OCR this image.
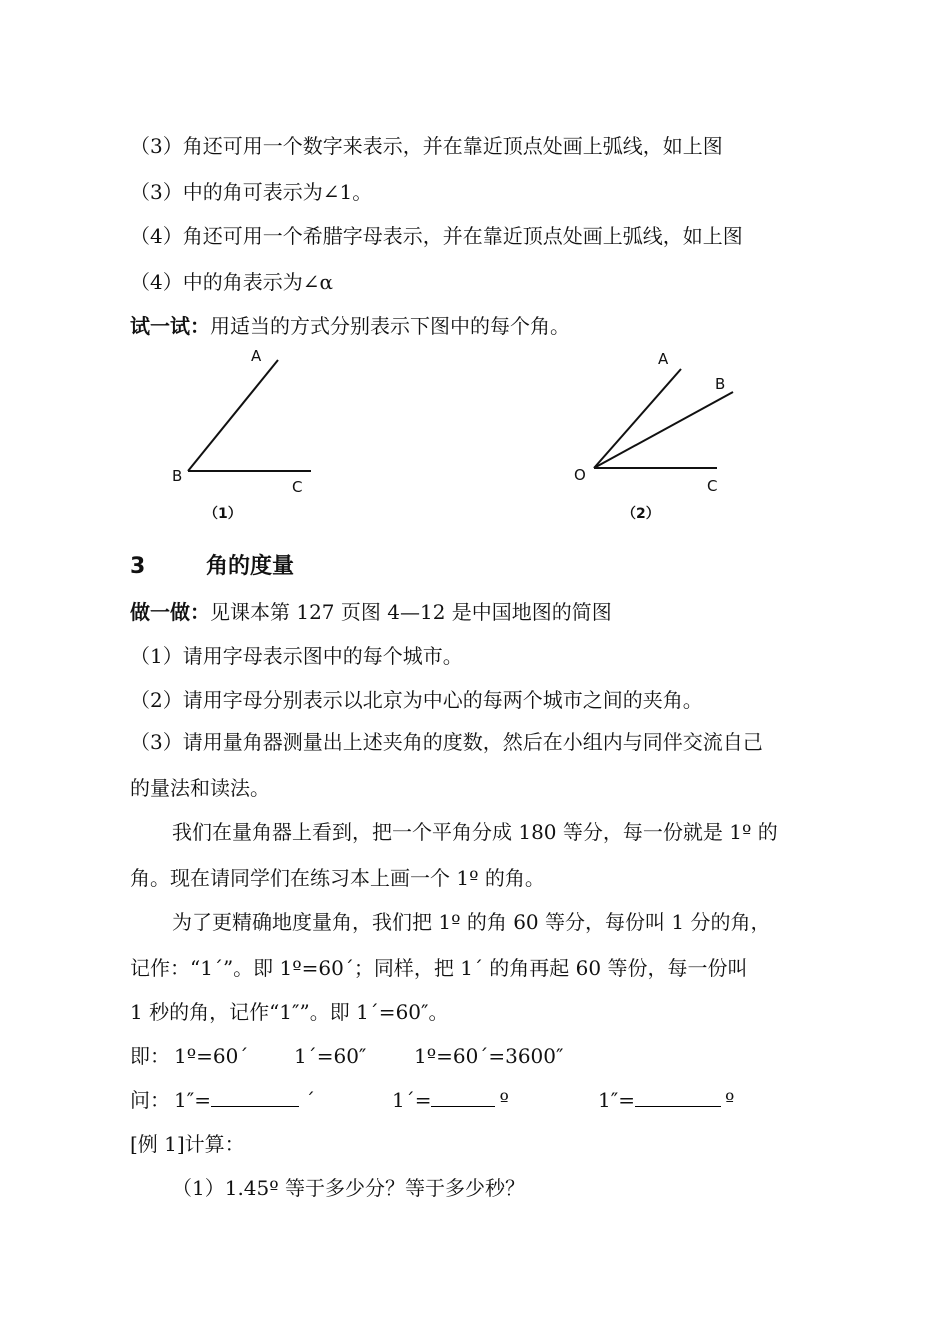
（3）角还可用一个数字来表示，并在靠近顶点处画上弧线，如上图
（3）中的角可表示为∠1。
（4）角还可用一个希腊字母表示，并在靠近顶点处画上弧线，如上图
（4）中的角表示为∠α
试一试：用适当的方式分别表示下图中的每个角。
A
B
C
（1）
A
B
O
C
（2）
3	角的度量
做一做：见课本第 127 页图 4—12 是中国地图的简图
（1）请用字母表示图中的每个城市。
（2）请用字母分别表示以北京为中心的每两个城市之间的夹角。
（3）请用量角器测量出上述夹角的度数，然后在小组内与同伴交流自己
的量法和读法。
我们在量角器上看到，把一个平角分成 180 等分，每一份就是 1º 的
角。现在请同学们在练习本上画一个 1º 的角。
为了更精确地度量角，我们把 1º 的角 60 等分，每份叫 1 分的角，
记作：“1´”。即 1º=60´；同样，把 1´ 的角再起 60 等份，每一份叫
1 秒的角，记作“1″”。即 1´=60″。
即： 1º=60´ 1´=60″ 1º=60´=3600″
问： 1″=	´	1´=	º	1″=	º
[例 1]计算：
（1）1.45º 等于多少分？等于多少秒？
